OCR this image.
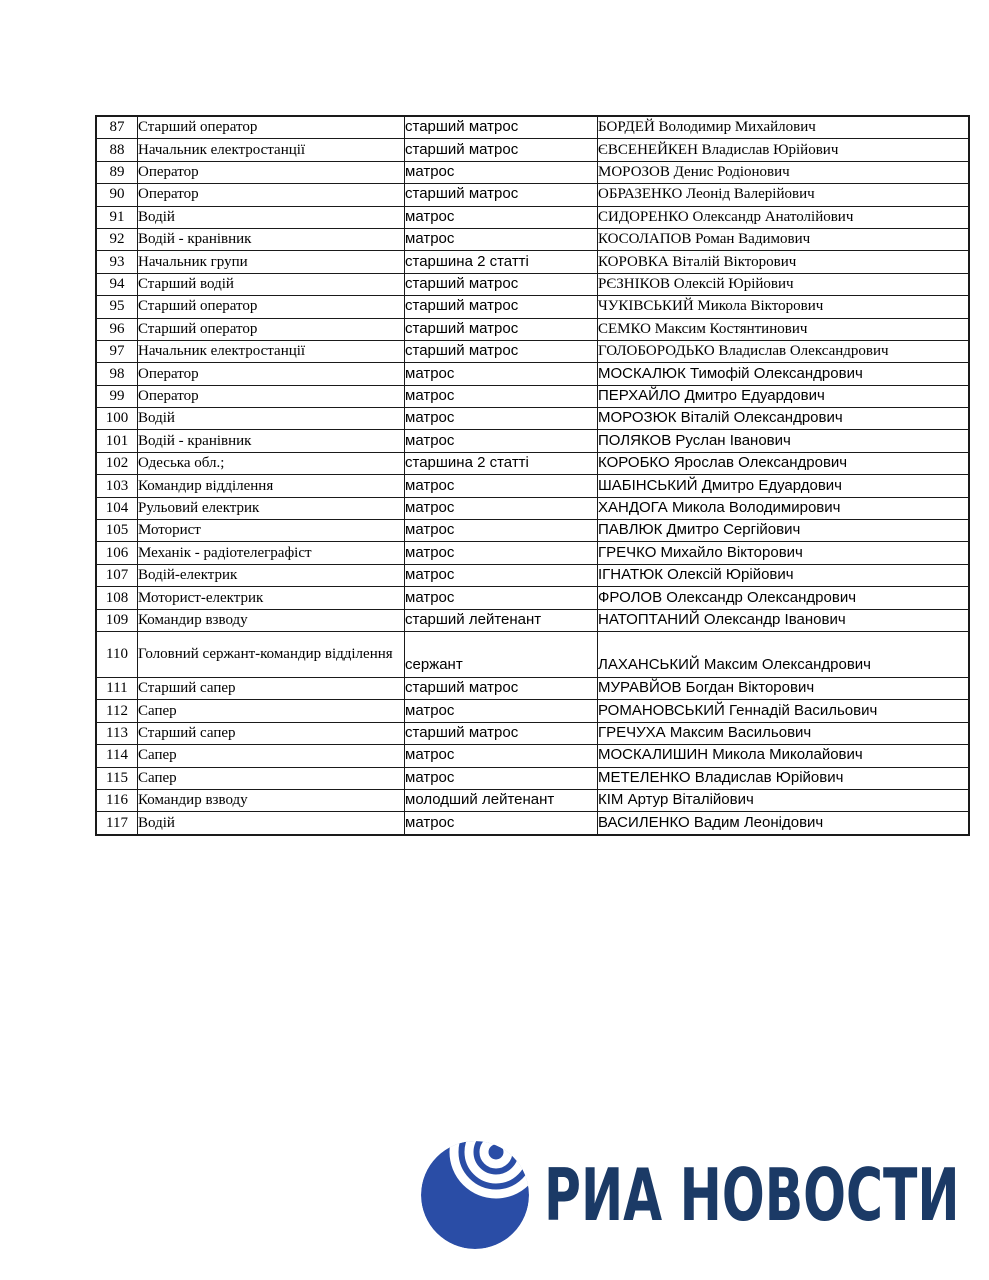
87	Старший оператор	старший матрос	БОРДЕЙ Володимир Михайлович
88	Начальник електростанції	старший матрос	ЄВСЕНЕЙКЕН Владислав Юрійович
89	Оператор	матрос	МОРОЗОВ Денис Родіонович
90	Оператор	старший матрос	ОБРАЗЕНКО Леонід Валерійович
91	Водій	матрос	СИДОРЕНКО Олександр Анатолійович
92	Водій - кранівник	матрос	КОСОЛАПОВ Роман Вадимович
93	Начальник групи	старшина 2 статті	КОРОВКА Віталій Вікторович
94	Старший водій	старший матрос	РЄЗНІКОВ Олексій Юрійович
95	Старший оператор	старший матрос	ЧУКІВСЬКИЙ Микола Вікторович
96	Старший оператор	старший матрос	СЕМКО Максим Костянтинович
97	Начальник електростанції	старший матрос	ГОЛОБОРОДЬКО Владислав Олександрович
98	Оператор	матрос	МОСКАЛЮК Тимофій Олександрович
99	Оператор	матрос	ПЕРХАЙЛО Дмитро Едуардович
100	Водій	матрос	МОРОЗЮК Віталій Олександрович
101	Водій - кранівник	матрос	ПОЛЯКОВ Руслан Іванович
102	Одеська обл.;	старшина 2 статті	КОРОБКО Ярослав Олександрович
103	Командир відділення	матрос	ШАБІНСЬКИЙ Дмитро Едуардович
104	Рульовий електрик	матрос	ХАНДОГА Микола Володимирович
105	Моторист	матрос	ПАВЛЮК Дмитро Сергійович
106	Механік - радіотелеграфіст	матрос	ГРЕЧКО Михайло Вікторович
107	Водій-електрик	матрос	ІГНАТЮК Олексій Юрійович
108	Моторист-електрик	матрос	ФРОЛОВ Олександр Олександрович
109	Командир взводу	старший лейтенант	НАТОПТАНИЙ Олександр Іванович
110	Головний сержант-командир відділення	сержант	ЛАХАНСЬКИЙ Максим Олександрович
111	Старший сапер	старший матрос	МУРАВЙОВ Богдан Вікторович
112	Сапер	матрос	РОМАНОВСЬКИЙ Геннадій Васильович
113	Старший сапер	старший матрос	ГРЕЧУХА Максим Васильович
114	Сапер	матрос	МОСКАЛИШИН Микола Миколайович
115	Сапер	матрос	МЕТЕЛЕНКО Владислав Юрійович
116	Командир взводу	молодший лейтенант	КІМ Артур Віталійович
117	Водій	матрос	ВАСИЛЕНКО Вадим Леонідович
РИА НОВОСТИ
